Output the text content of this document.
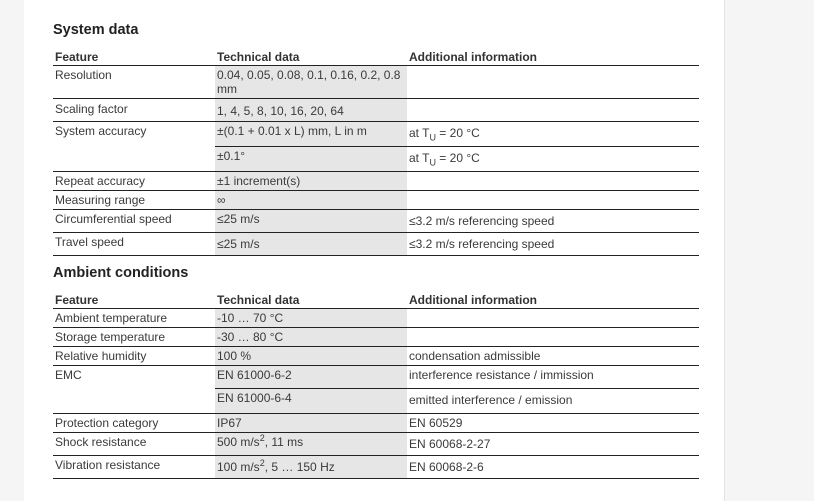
System data
Feature	Technical data	Additional information
Resolution	0.04, 0.05, 0.08, 0.1, 0.16, 0.2, 0.8 mm	
Scaling factor	1, 4, 5, 8, 10, 16, 20, 64	
System accuracy	±(0.1 + 0.01 x L) mm, L in m	at $T_U = 20$ °C
	±0.1°	at $T_U = 20$ °C
Repeat accuracy	±1 increment(s)	
Measuring range	∞	
Circumferential speed	≤25 m/s	≤3.2 m/s referencing speed
Travel speed	≤25 m/s	≤3.2 m/s referencing speed
Ambient conditions
Feature	Technical data	Additional information
Ambient temperature	-10 … 70 °C	
Storage temperature	-30 … 80 °C	
Relative humidity	100 %	condensation admissible
EMC	EN 61000-6-2	interference resistance / immission
	EN 61000-6-4	emitted interference / emission
Protection category	IP67	EN 60529
Shock resistance	500 $m/s^2$, 11 ms	EN 60068-2-27
Vibration resistance	100 $m/s^2$, 5 … 150 Hz	EN 60068-2-6
